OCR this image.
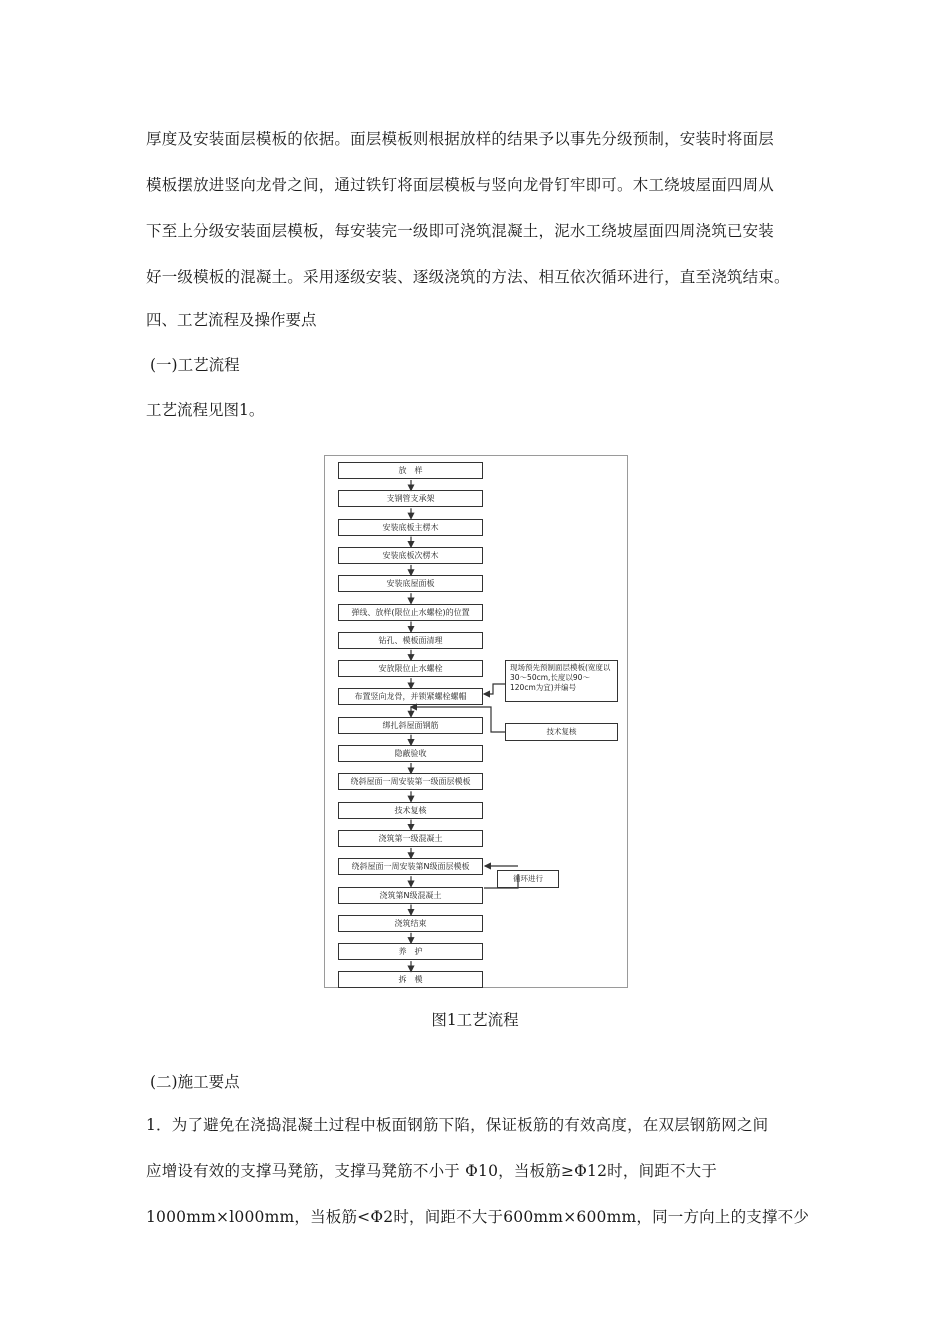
厚度及安装面层模板的依据。面层模板则根据放样的结果予以事先分级预制，安装时将面层
模板摆放进竖向龙骨之间，通过铁钉将面层模板与竖向龙骨钉牢即可。木工绕坡屋面四周从
下至上分级安装面层模板，每安装完一级即可浇筑混凝土，泥水工绕坡屋面四周浇筑已安装
好一级模板的混凝土。采用逐级安装、逐级浇筑的方法、相互依次循环进行，直至浇筑结束。

四、工艺流程及操作要点

(一)工艺流程

工艺流程见图1。

放　样
支钢管支承架
安装底板主楞木
安装底板次楞木
安装底屋面板
弹线、放样(限位止水螺栓)的位置
钻孔、模板面清理
安放限位止水螺栓
布置竖向龙骨，并锁紧螺栓螺帽
绑扎斜屋面钢筋
隐蔽验收
绕斜屋面一周安装第一级面层模板
技术复核
浇筑第一级混凝土
绕斜屋面一周安装第N级面层模板
浇筑第N级混凝土
浇筑结束
养　护
拆　模
现场预先预制面层模板(宽度以30～50cm,长度以90～120cm为宜)并编号
技术复核
循环进行

图1工艺流程

(二)施工要点

1．为了避免在浇捣混凝土过程中板面钢筋下陷，保证板筋的有效高度，在双层钢筋网之间
应增设有效的支撑马凳筋，支撑马凳筋不小于 Φ10，当板筋≥Φ12时，间距不大于
1000mm×l000mm，当板筋<Φ2时，间距不大于600mm×600mm，同一方向上的支撑不少
